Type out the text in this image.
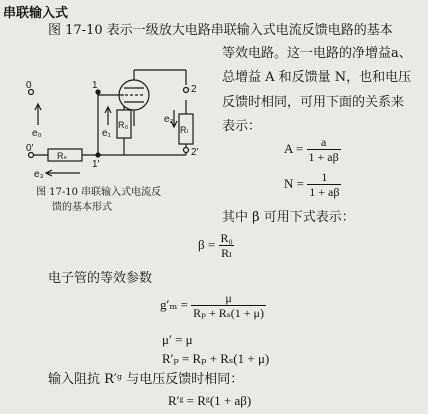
串联输入式
图 17-10 表示一级放大电路串联输入式电流反馈电路的基本
等效电路。这一电路的净增益a、
总增益 A 和反馈量 N，也和电压
反馈时相同，可用下面的关系来
表示：
$A = \frac{a}{1 + a\beta}$
$N = \frac{1}{1 + a\beta}$
其中 β 可用下式表示：
$\beta = \frac{\text{R₀}}{\text{Rₗ}}$
e₀	e₁
e₂
e₃
R₀	Rₗ
Rₛ
1
1'
2
2'
0
0'
图 17-10 串联输入式电流反
馈的基本形式
电子管的等效参数
$g'_m = \frac{\mu}{\text{Rₚ + Rₛ(1 + μ)}}$
μ′ = μ
R′ₚ = Rₚ + Rₛ(1 + μ)
输入阻抗 R′ᵍ 与电压反馈时相同：
R′ᵍ = Rᵍ(1 + aβ)
